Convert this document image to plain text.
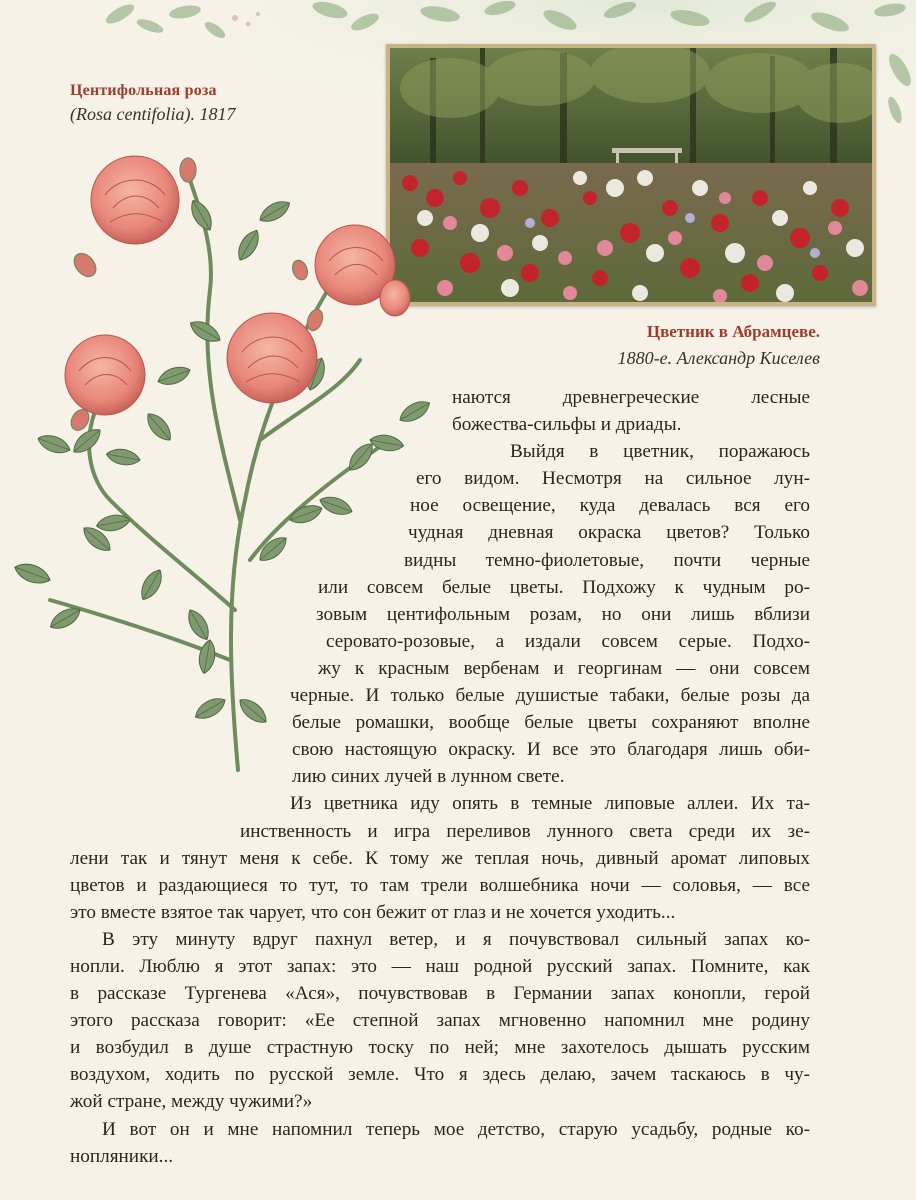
Центифольная роза
(Rosa centifolia). 1817
Цветник в Абрамцеве.
1880-е. Александр Киселев
наются древнегреческие лесные
божества-сильфы и дриады.
Выйдя в цветник, поражаюсь
его видом. Несмотря на сильное лун-
ное освещение, куда девалась вся его
чудная дневная окраска цветов? Только
видны темно-фиолетовые, почти черные
или совсем белые цветы. Подхожу к чудным ро-
зовым центифольным розам, но они лишь вблизи
серовато-розовые, а издали совсем серые. Подхо-
жу к красным вербенам и георгинам — они совсем
черные. И только белые душистые табаки, белые розы да
белые ромашки, вообще белые цветы сохраняют вполне
свою настоящую окраску. И все это благодаря лишь оби-
лию синих лучей в лунном свете.
Из цветника иду опять в темные липовые аллеи. Их та-
инственность и игра переливов лунного света среди их зе-
лени так и тянут меня к себе. К тому же теплая ночь, дивный аромат липовых
цветов и раздающиеся то тут, то там трели волшебника ночи — соловья, — все
это вместе взятое так чарует, что сон бежит от глаз и не хочется уходить...
В эту минуту вдруг пахнул ветер, и я почувствовал сильный запах ко-
нопли. Люблю я этот запах: это — наш родной русский запах. Помните, как
в рассказе Тургенева «Ася», почувствовав в Германии запах конопли, герой
этого рассказа говорит: «Ее степной запах мгновенно напомнил мне родину
и возбудил в душе страстную тоску по ней; мне захотелось дышать русским
воздухом, ходить по русской земле. Что я здесь делаю, зачем таскаюсь в чу-
жой стране, между чужими?»
И вот он и мне напомнил теперь мое детство, старую усадьбу, родные ко-
нопляники...
